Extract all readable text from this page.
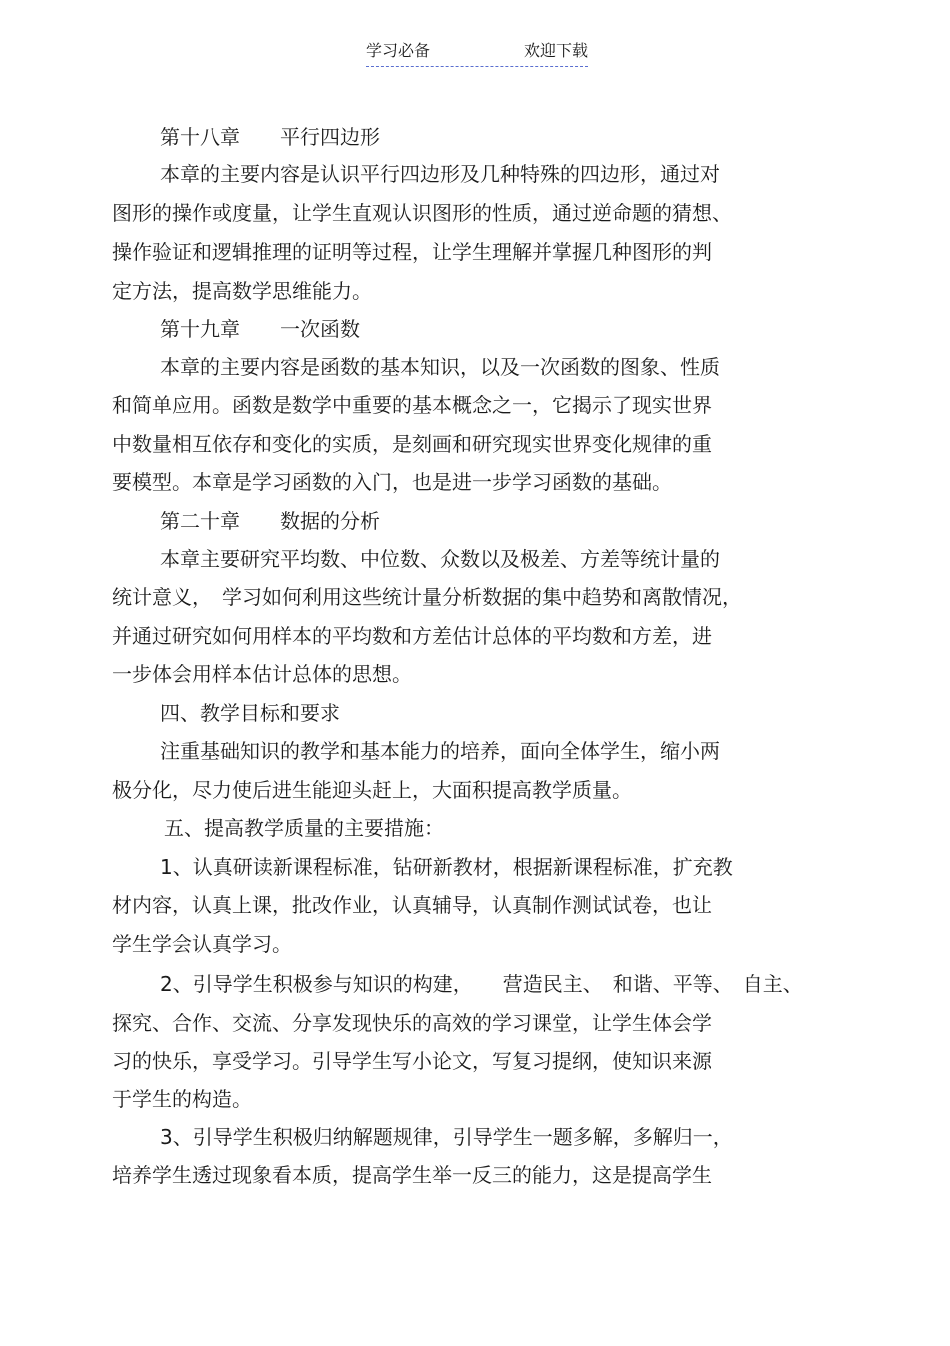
学习必备	欢迎下载

第十八章　　平行四边形

本章的主要内容是认识平行四边形及几种特殊的四边形，通过对

图形的操作或度量，让学生直观认识图形的性质，通过逆命题的猜想、

操作验证和逻辑推理的证明等过程，让学生理解并掌握几种图形的判

定方法，提高数学思维能力。

第十九章　　一次函数

本章的主要内容是函数的基本知识，以及一次函数的图象、性质

和简单应用。函数是数学中重要的基本概念之一，它揭示了现实世界

中数量相互依存和变化的实质，是刻画和研究现实世界变化规律的重

要模型。本章是学习函数的入门，也是进一步学习函数的基础。

第二十章　　数据的分析

本章主要研究平均数、中位数、众数以及极差、方差等统计量的

统计意义，　学习如何利用这些统计量分析数据的集中趋势和离散情况，

并通过研究如何用样本的平均数和方差估计总体的平均数和方差，进

一步体会用样本估计总体的思想。

四、教学目标和要求

注重基础知识的教学和基本能力的培养，面向全体学生，缩小两

极分化，尽力使后进生能迎头赶上，大面积提高教学质量。

五、提高教学质量的主要措施：

1、认真研读新课程标准，钻研新教材，根据新课程标准，扩充教

材内容，认真上课，批改作业，认真辅导，认真制作测试试卷，也让

学生学会认真学习。

2、引导学生积极参与知识的构建，　　营造民主、　和谐、平等、　自主、

探究、合作、交流、分享发现快乐的高效的学习课堂，让学生体会学

习的快乐，享受学习。引导学生写小论文，写复习提纲，使知识来源

于学生的构造。

3、引导学生积极归纳解题规律，引导学生一题多解，多解归一，

培养学生透过现象看本质，提高学生举一反三的能力，这是提高学生
